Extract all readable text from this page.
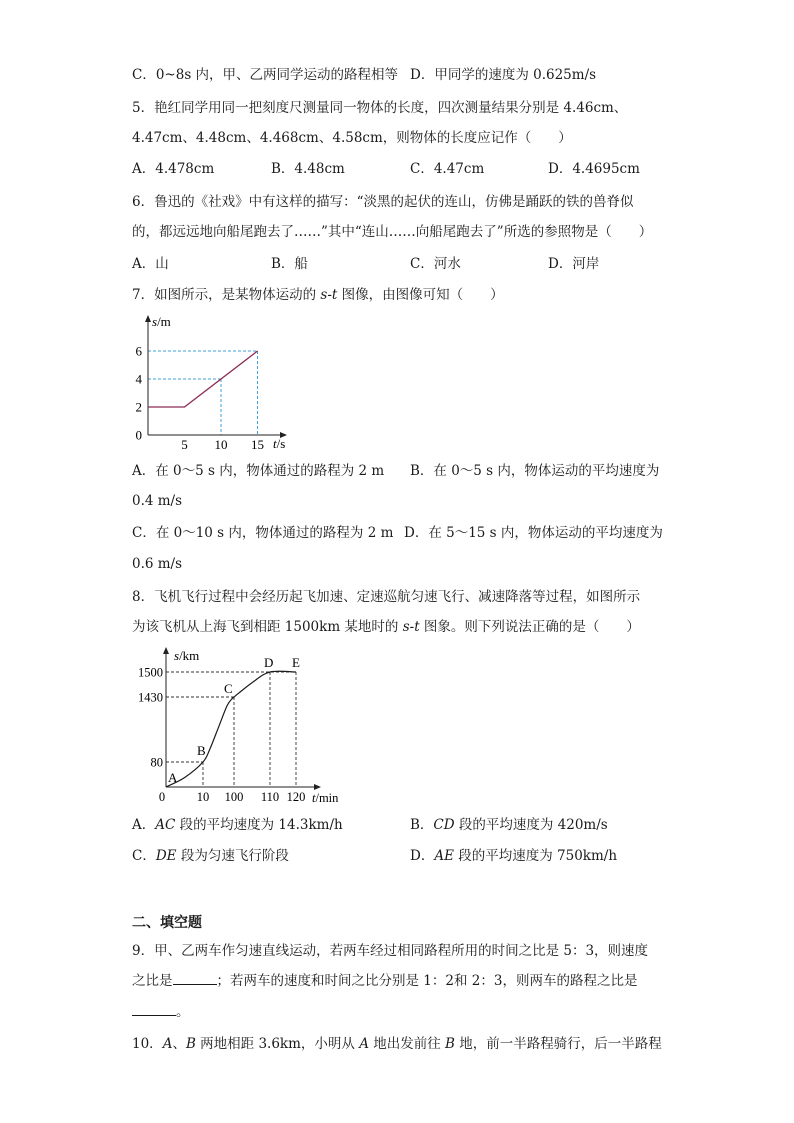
C．0~8s 内，甲、乙两同学运动的路程相等 D．甲同学的速度为 0.625m/s
5．艳红同学用同一把刻度尺测量同一物体的长度，四次测量结果分别是 4.46cm、
4.47cm、4.48cm、4.468cm、4.58cm，则物体的长度应记作（　　）
A．4.478cm	B．4.48cm	C．4.47cm	D．4.4695cm
6．鲁迅的《社戏》中有这样的描写：“淡黑的起伏的连山，仿佛是踊跃的铁的兽脊似
的，都远远地向船尾跑去了……”其中“连山……向船尾跑去了”所选的参照物是（　　）
A．山	B．船	C．河水	D．河岸
7．如图所示，是某物体运动的 s-t 图像，由图像可知（　　）
s/m
t/s
5 10 15
0
2
4
6
A．在 0～5 s 内，物体通过的路程为 2 m B．在 0～5 s 内，物体运动的平均速度为
0.4 m/s
C．在 0～10 s 内，物体通过的路程为 2 m D．在 5～15 s 内，物体运动的平均速度为
0.6 m/s
8．飞机飞行过程中会经历起飞加速、定速巡航匀速飞行、减速降落等过程，如图所示
为该飞机从上海飞到相距 1500km 某地时的 s-t 图象。则下列说法正确的是（　　）
s/km
t/min
0	10 100 110 120
80
1430
1500
A
B
C
D E
A．AC 段的平均速度为 14.3km/h	B．CD 段的平均速度为 420m/s
C．DE 段为匀速飞行阶段	D．AE 段的平均速度为 750km/h
二、填空题
9．甲、乙两车作匀速直线运动，若两车经过相同路程所用的时间之比是 5：3，则速度
之比是	；若两车的速度和时间之比分别是 1：2和 2：3，则两车的路程之比是
。
10．A、B 两地相距 3.6km，小明从 A 地出发前往 B 地，前一半路程骑行，后一半路程
